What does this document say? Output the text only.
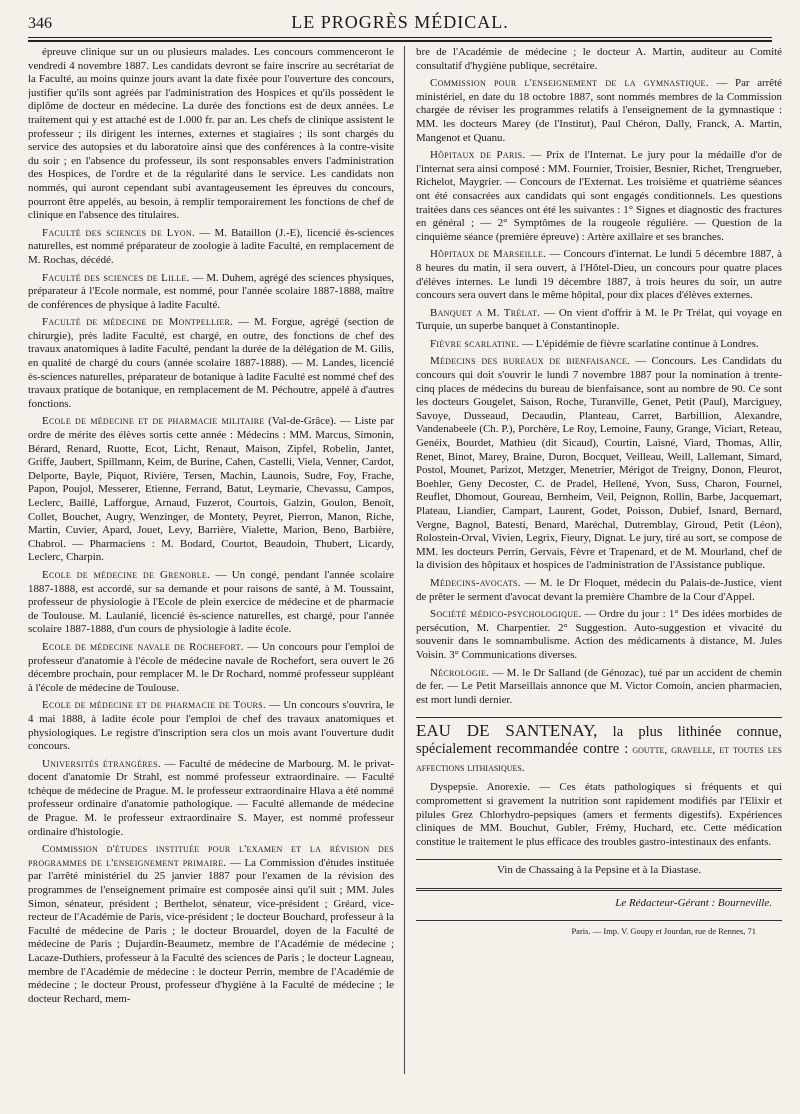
346	LE PROGRÈS MÉDICAL.

épreuve clinique sur un ou plusieurs malades. Les concours commenceront le vendredi 4 novembre 1887. Les candidats devront se faire inscrire au secrétariat de la Faculté, au moins quinze jours avant la date fixée pour l'ouverture des concours, justifier qu'ils sont agréés par l'administration des Hospices et qu'ils possèdent le diplôme de docteur en médecine. La durée des fonctions est de deux années. Le traitement qui y est attaché est de 1.000 fr. par an. Les chefs de clinique assistent le professeur ; ils dirigent les internes, externes et stagiaires ; ils sont chargés du service des autopsies et du laboratoire ainsi que des conférences à la contre-visite du soir ; en l'absence du professeur, ils sont responsables envers l'administration des Hospices, de l'ordre et de la régularité dans le service. Les candidats non nommés, qui auront cependant subi avantageusement les épreuves du concours, pourront être appelés, au besoin, à remplir temporairement les fonctions de chef de clinique en l'absence des titulaires.

Faculté des sciences de Lyon. — M. Bataillon (J.-E), licencié ès-sciences naturelles, est nommé préparateur de zoologie à ladite Faculté, en remplacement de M. Rochas, décédé.

Faculté des sciences de Lille. — M. Duhem, agrégé des sciences physiques, préparateur à l'Ecole normale, est nommé, pour l'année scolaire 1887-1888, maître de conférences de physique à ladite Faculté.

Faculté de médecine de Montpellier. — M. Forgue, agrégé (section de chirurgie), près ladite Faculté, est chargé, en outre, des fonctions de chef des travaux anatomiques à ladite Faculté, pendant la durée de la délégation de M. Gilis, en qualité de chargé du cours (année scolaire 1887-1888). — M. Landes, licencié ès-sciences naturelles, préparateur de botanique à ladite Faculté est nommé chef des travaux pratique de botanique, en remplacement de M. Péchoutre, appelé à d'autres fonctions.

Ecole de médecine et de pharmacie militaire (Val-de-Grâce). — Liste par ordre de mérite des élèves sortis cette année : Médecins : MM. Marcus, Simonin, Bérard, Renard, Ruotte, Ecot, Licht, Renaut, Maison, Zipfel, Robelin, Jantet, Griffe, Jaubert, Spillmann, Keim, de Burine, Cahen, Castelli, Viela, Venner, Cardot, Delporte, Bayle, Piquot, Rivière, Tersen, Machin, Launois, Sudre, Foy, Frache, Papon, Poujol, Messerer, Etienne, Ferrand, Batut, Leymarie, Chevassu, Campos, Leclerc, Baillé, Lafforgue, Arnaud, Fuzerot, Courtois, Galzin, Goulon, Benoît, Collet, Bouchet, Augry, Wenzinger, de Montety, Peyret, Pierron, Manon, Riche, Martin, Cuvier, Apard, Jouet, Levy, Barrière, Vialette, Marion, Beno, Barbière, Chabrol. — Pharmaciens : M. Bodard, Courtot, Beaudoin, Thubert, Licardy, Leclerc, Charpin.

Ecole de médecine de Grenoble. — Un congé, pendant l'année scolaire 1887-1888, est accordé, sur sa demande et pour raisons de santé, à M. Toussaint, professeur de physiologie à l'Ecole de plein exercice de médecine et de pharmacie de Toulouse. M. Laulanié, licencié ès-science naturelles, est chargé, pour l'année scolaire 1887-1888, d'un cours de physiologie à ladite école.

Ecole de médecine navale de Rochefort. — Un concours pour l'emploi de professeur d'anatomie à l'école de médecine navale de Rochefort, sera ouvert le 26 décembre prochain, pour remplacer M. le Dr Rochard, nommé professeur suppléant à l'école de médecine de Toulouse.

Ecole de médecine et de pharmacie de Tours. — Un concours s'ouvrira, le 4 mai 1888, à ladite école pour l'emploi de chef des travaux anatomiques et physiologiques. Le registre d'inscription sera clos un mois avant l'ouverture dudit concours.

Universités étrangères. — Faculté de médecine de Marbourg. M. le privat-docent d'anatomie Dr Strahl, est nommé professeur extraordinaire. — Faculté tchèque de médecine de Prague. M. le professeur extraordinaire Hlava a été nommé professeur ordinaire d'anatomie pathologique. — Faculté allemande de médecine de Prague. M. le professeur extraordinaire S. Mayer, est nommé professeur ordinaire d'histologie.

Commission d'études instituée pour l'examen et la révision des programmes de l'enseignement primaire. — La Commission d'études instituée par l'arrêté ministériel du 25 janvier 1887 pour l'examen de la révision des programmes de l'enseignement primaire est composée ainsi qu'il suit ; MM. Jules Simon, sénateur, président ; Berthelot, sénateur, vice-président ; Gréard, vice-recteur de l'Académie de Paris, vice-président ; le docteur Bouchard, professeur à la Faculté de médecine de Paris ; le docteur Brouardel, doyen de la Faculté de médecine de Paris ; Dujardin-Beaumetz, membre de l'Académie de médecine ; Lacaze-Duthiers, professeur à la Faculté des sciences de Paris ; le docteur Lagneau, membre de l'Académie de médecine : le docteur Perrin, membre de l'Académie de médecine ; le docteur Proust, professeur d'hygiène à la Faculté de médecine ; le docteur Rechard, mem-

bre de l'Académie de médecine ; le docteur A. Martin, auditeur au Comité consultatif d'hygiène publique, secrétaire.

Commission pour l'enseignement de la gymnastique. — Par arrêté ministériel, en date du 18 octobre 1887, sont nommés membres de la Commission chargée de réviser les programmes relatifs à l'enseignement de la gymnastique : MM. les docteurs Marey (de l'Institut), Paul Chéron, Dally, Franck, A. Martin, Mangenot et Quanu.

Hôpitaux de Paris. — Prix de l'Internat. Le jury pour la médaille d'or de l'internat sera ainsi composé : MM. Fournier, Troisier, Besnier, Richet, Trengrueber, Richelot, Maygrier. — Concours de l'Externat. Les troisième et quatrième séances ont été consacrées aux candidats qui sont engagés conditionnels. Les questions traitées dans ces séances ont été les suivantes : 1° Signes et diagnostic des fractures en général ; — 2° Symptômes de la rougeole régulière. — Question de la cinquième séance (première épreuve) : Artère axillaire et ses branches.

Hôpitaux de Marseille. — Concours d'internat. Le lundi 5 décembre 1887, à 8 heures du matin, il sera ouvert, à l'Hôtel-Dieu, un concours pour quatre places d'élèves internes. Le lundi 19 décembre 1887, à trois heures du soir, un autre concours sera ouvert dans le même hôpital, pour dix places d'élèves externes.

Banquet a M. Trélat. — On vient d'offrir à M. le Pr Trélat, qui voyage en Turquie, un superbe banquet à Constantinople.

Fièvre scarlatine. — L'épidémie de fièvre scarlatine continue à Londres.

Médecins des bureaux de bienfaisance. — Concours. Les Candidats du concours qui doit s'ouvrir le lundi 7 novembre 1887 pour la nomination à trente-cinq places de médecins du bureau de bienfaisance, sont au nombre de 90. Ce sont les docteurs Gougelet, Saison, Roche, Turanville, Genet, Petit (Paul), Marciguey, Savoye, Dusseaud, Decaudin, Planteau, Carret, Barbillion, Alexandre, Vandenabeele (Ch. P.), Porchère, Le Roy, Lemoine, Fauny, Grange, Viciart, Reteau, Genéix, Bourdet, Mathieu (dit Sicaud), Courtin, Laisné, Viard, Thomas, Allir, Renet, Binot, Marey, Braine, Duron, Bocquet, Veilleau, Weill, Lallemant, Simard, Postol, Mounet, Parizot, Metzger, Menetrier, Mérigot de Treigny, Donon, Fleurot, Boehler, Geny Decoster, C. de Pradel, Hellené, Yvon, Suss, Charon, Fournel, Reuflet, Dhomout, Goureau, Bernheim, Veil, Peignon, Rollin, Barbe, Jacquemart, Plateau, Liandier, Campart, Laurent, Godet, Poisson, Dubief, Isnard, Bernard, Vergne, Bagnol, Batesti, Benard, Maréchal, Dutremblay, Giroud, Petit (Léon), Rolostein-Orval, Vivien, Legrix, Fieury, Dignat. Le jury, tiré au sort, se compose de MM. les docteurs Perrin, Gervais, Fèvre et Trapenard, et de M. Mourland, chef de la division des hôpitaux et hospices de l'administration de l'Assistance publique.

Médecins-avocats. — M. le Dr Floquet, médecin du Palais-de-Justice, vient de prêter le serment d'avocat devant la première Chambre de la Cour d'Appel.

Société médico-psychologique. — Ordre du jour : 1° Des idées morbides de persécution, M. Charpentier. 2° Suggestion. Auto-suggestion et vivacité du souvenir dans le somnambulisme. Action des médicaments à distance, M. Jules Voisin. 3° Communications diverses.

Nécrologie. — M. le Dr Salland (de Génozac), tué par un accident de chemin de fer. — Le Petit Marseillais annonce que M. Victor Comoin, ancien pharmacien, est mort lundi dernier.

EAU DE SANTENAY, la plus lithinée connue, spécialement recommandée contre : goutte, gravelle, et toutes les affections lithiasiques.

Dyspepsie. Anorexie. — Ces états pathologiques si fréquents et qui compromettent si gravement la nutrition sont rapidement modifiés par l'Elixir et pilules Grez Chlorhydro-pepsiques (amers et ferments digestifs). Expériences cliniques de MM. Bouchut, Gubler, Frémy, Huchard, etc. Cette médication constitue le traitement le plus efficace des troubles gastro-intestinaux des enfants.

Vin de Chassaing à la Pepsine et à la Diastase.
Le Rédacteur-Gérant : Bourneville.
Paris. — Imp. V. Goupy et Jourdan, rue de Rennes, 71
